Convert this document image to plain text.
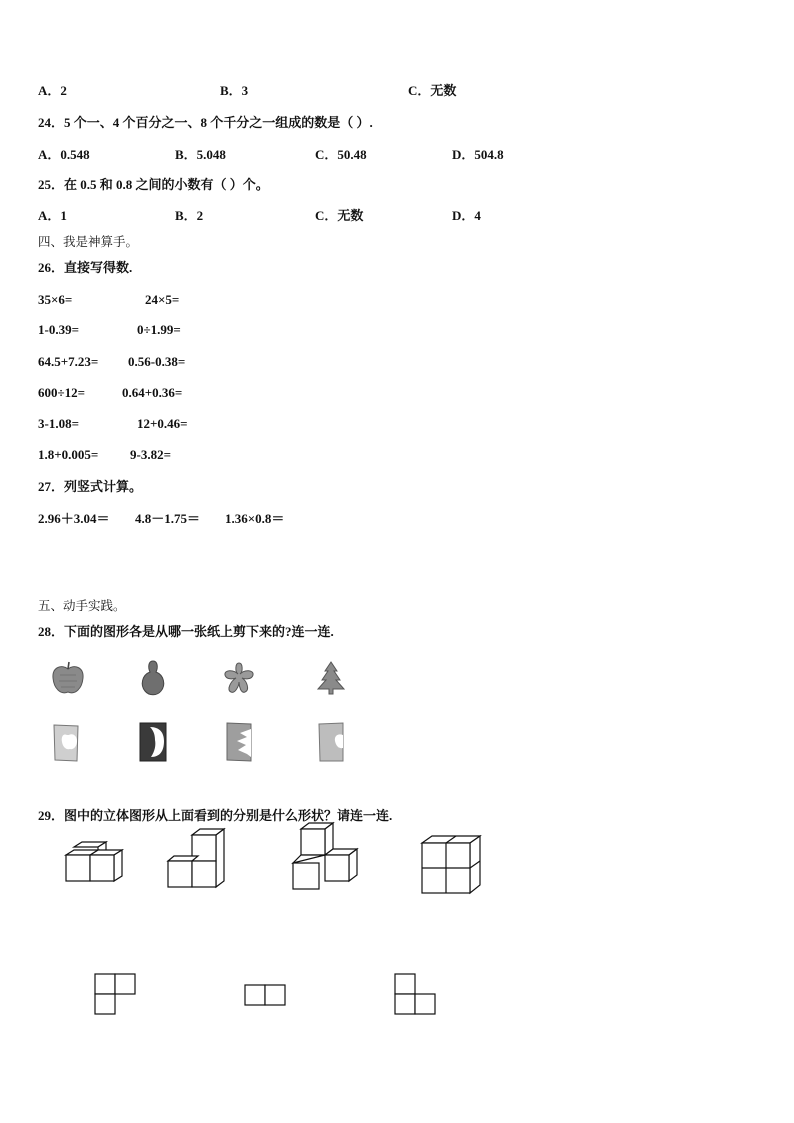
A．2	B．3	C．无数
24．5 个一、4 个百分之一、8 个千分之一组成的数是（ ）.
A．0.548	B．5.048	C．50.48	D．504.8
25．在 0.5 和 0.8 之间的小数有（ ）个。
A．1	B．2	C．无数	D．4
四、我是神算手。
26．直接写得数.
35×6=	24×5=
1-0.39=	0÷1.99=
64.5+7.23= 0.56-0.38=
600÷12=	0.64+0.36=
3-1.08=	12+0.46=
1.8+0.005= 9-3.82=
27．列竖式计算。
2.96＋3.04＝ 4.8－1.75＝ 1.36×0.8＝
五、动手实践。
28．下面的图形各是从哪一张纸上剪下来的?连一连.
29．图中的立体图形从上面看到的分别是什么形状？请连一连.
